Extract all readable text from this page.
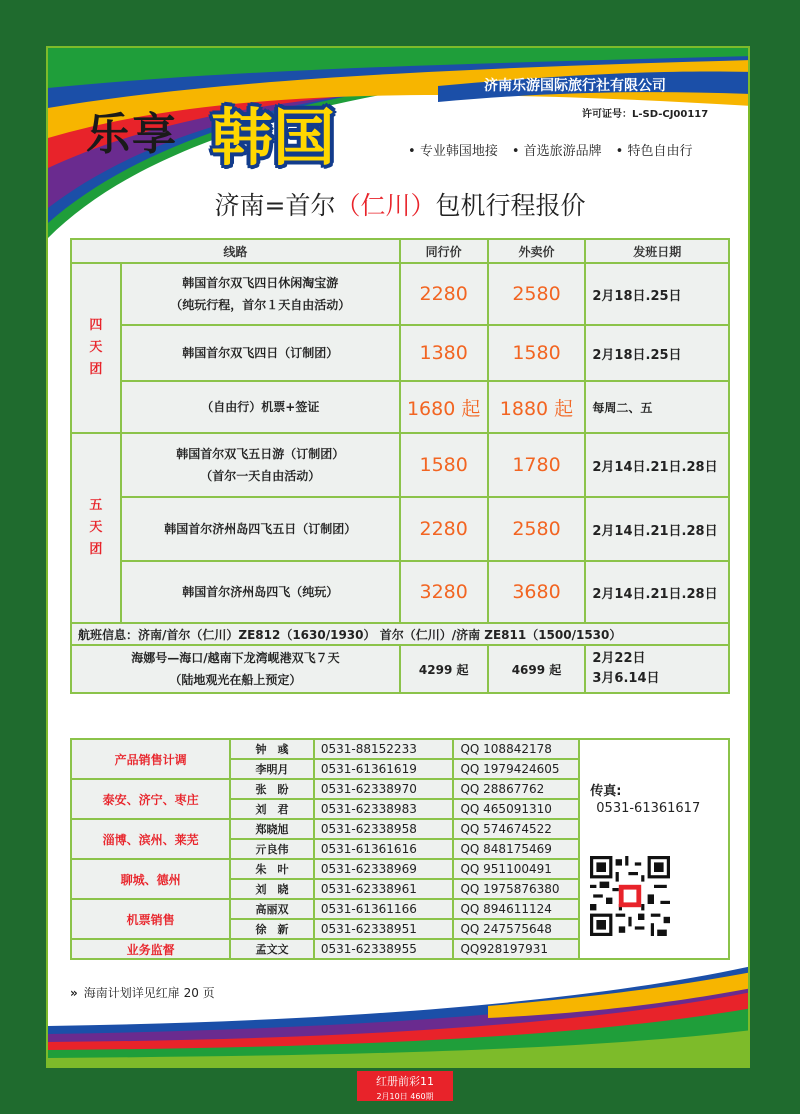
济南乐游国际旅行社有限公司
许可证号：L-SD-CJ00117
乐享 韩国	• 专业韩国地接	• 首选旅游品牌	• 特色自由行
济南=首尔（仁川）包机行程报价
线路		同行价	外卖价	发班日期

四
天
团	韩国首尔双飞四日休闲淘宝游
（纯玩行程，首尔１天自由活动）	2280	2580	2月18日.25日

	韩国首尔双飞四日（订制团）	1380	1580	2月18日.25日

	（自由行）机票+签证	1680 起	1880 起	每周二、五

五
天
团	韩国首尔双飞五日游（订制团）
（首尔一天自由活动）	1580	1780	2月14日.21日.28日

	韩国首尔济州岛四飞五日（订制团）	2280	2580	2月14日.21日.28日

	韩国首尔济州岛四飞（纯玩）	3280	3680	2月14日.21日.28日
航班信息：济南/首尔（仁川）ZE812（1630/1930） 首尔（仁川）/济南 ZE811（1500/1530）				

海娜号—海口/越南下龙湾岘港双飞７天
（陆地观光在船上预定）		4299 起	4699 起	2月22日
3月6.14日
产品销售计调	钟　彧	0531-88152233	QQ 108842178	传真:
0531-61361617

	李明月	0531-61361619	QQ 1979424605	
泰安、济宁、枣庄	张　盼	0531-62338970	QQ 28867762	
	刘　君	0531-62338983	QQ 465091310	
淄博、滨州、莱芜	郑晓旭	0531-62338958	QQ 574674522	
	亓良伟	0531-61361616	QQ 848175469	
聊城、德州	朱　叶	0531-62338969	QQ 951100491	
	刘　晓	0531-62338961	QQ 1975876380	
机票销售	高丽双	0531-61361166	QQ 894611124	
	徐　新	0531-62338951	QQ 247575648	
业务监督	孟文文	0531-62338955	QQ928197931	
» 海南计划详见红扉 20 页
红册前彩11
2月10日 460期
